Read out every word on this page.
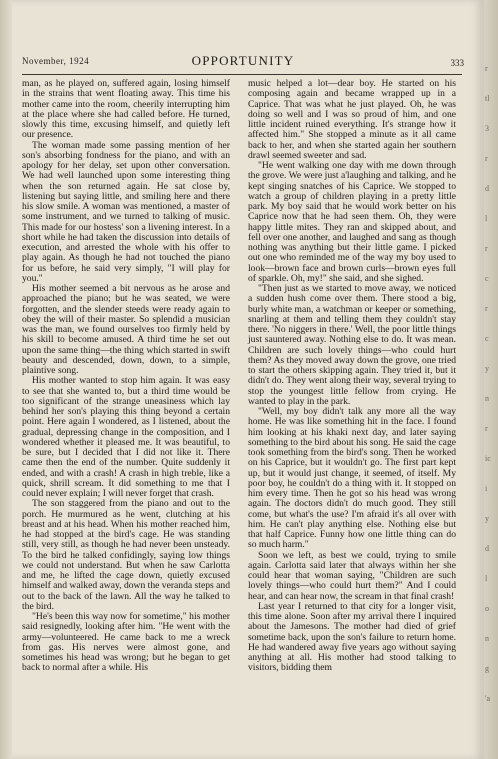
November, 1924	OPPORTUNITY	333

man, as he played on, suffered again, losing himself in the strains that went floating away. This time his mother came into the room, cheerily interrupting him at the place where she had called before. He turned, slowly this time, excusing himself, and quietly left our presence.

The woman made some passing mention of her son's absorbing fondness for the piano, and with an apology for her delay, set upon other conversation. We had well launched upon some interesting thing when the son returned again. He sat close by, listening but saying little, and smiling here and there his slow smile. A woman was mentioned, a master of some instrument, and we turned to talking of music. This made for our hostess' son a livening interest. In a short while he had taken the discussion into details of execution, and arrested the whole with his offer to play again. As though he had not touched the piano for us before, he said very simply, "I will play for you."

His mother seemed a bit nervous as he arose and approached the piano; but he was seated, we were forgotten, and the slender steeds were ready again to obey the will of their master. So splendid a musician was the man, we found ourselves too firmly held by his skill to become amused. A third time he set out upon the same thing—the thing which started in swift beauty and descended, down, down, to a simple, plaintive song.

His mother wanted to stop him again. It was easy to see that she wanted to, but a third time would be too significant of the strange uneasiness which lay behind her son's playing this thing beyond a certain point. Here again I wondered, as I listened, about the gradual, depressing change in the composition, and I wondered whether it pleased me. It was beautiful, to be sure, but I decided that I did not like it. There came then the end of the number. Quite suddenly it ended, and with a crash! A crash in high treble, like a quick, shrill scream. It did something to me that I could never explain; I will never forget that crash.

The son staggered from the piano and out to the porch. He murmured as he went, clutching at his breast and at his head. When his mother reached him, he had stopped at the bird's cage. He was standing still, very still, as though he had never been unsteady. To the bird he talked confidingly, saying low things we could not understand. But when he saw Carlotta and me, he lifted the cage down, quietly excused himself and walked away, down the veranda steps and out to the back of the lawn. All the way he talked to the bird.

"He's been this way now for sometime," his mother said resignedly, looking after him. "He went with the army—volunteered. He came back to me a wreck from gas. His nerves were almost gone, and sometimes his head was wrong; but he began to get back to normal after a while. His

music helped a lot—dear boy. He started on his composing again and became wrapped up in a Caprice. That was what he just played. Oh, he was doing so well and I was so proud of him, and one little incident ruined everything. It's strange how it affected him." She stopped a minute as it all came back to her, and when she started again her southern drawl seemed sweeter and sad.

"He went walking one day with me down through the grove. We were just a'laughing and talking, and he kept singing snatches of his Caprice. We stopped to watch a group of children playing in a pretty little park. My boy said that he would work better on his Caprice now that he had seen them. Oh, they were happy little mites. They ran and skipped about, and fell over one another, and laughed and sang as though nothing was anything but their little game. I picked out one who reminded me of the way my boy used to look—brown face and brown curls—brown eyes full of sparkle. Oh, my!" she said, and she sighed.

"Then just as we started to move away, we noticed a sudden hush come over them. There stood a big, burly white man, a watchman or keeper or something, snarling at them and telling them they couldn't stay there. 'No niggers in there.' Well, the poor little things just sauntered away. Nothing else to do. It was mean. Children are such lovely things—who could hurt them? As they moved away down the grove, one tried to start the others skipping again. They tried it, but it didn't do. They went along their way, several trying to stop the youngest little fellow from crying. He wanted to play in the park.

"Well, my boy didn't talk any more all the way home. He was like something hit in the face. I found him looking at his khaki next day, and later saying something to the bird about his song. He said the cage took something from the bird's song. Then he worked on his Caprice, but it wouldn't go. The first part kept up, but it would just change, it seemed, of itself. My poor boy, he couldn't do a thing with it. It stopped on him every time. Then he got so his head was wrong again. The doctors didn't do much good. They still come, but what's the use? I'm afraid it's all over with him. He can't play anything else. Nothing else but that half Caprice. Funny how one little thing can do so much harm."

Soon we left, as best we could, trying to smile again. Carlotta said later that always within her she could hear that woman saying, "Children are such lovely things—who could hurt them?" And I could hear, and can hear now, the scream in that final crash!

Last year I returned to that city for a longer visit, this time alone. Soon after my arrival there I inquired about the Jamesons. The mother had died of grief sometime back, upon the son's failure to return home. He had wandered away five years ago without saying anything at all. His mother had stood talking to visitors, bidding them

r
tl
3
r
d
l
r
c
r
c
y
n
r
ic
i
y
d
l
o
n
g
'a
